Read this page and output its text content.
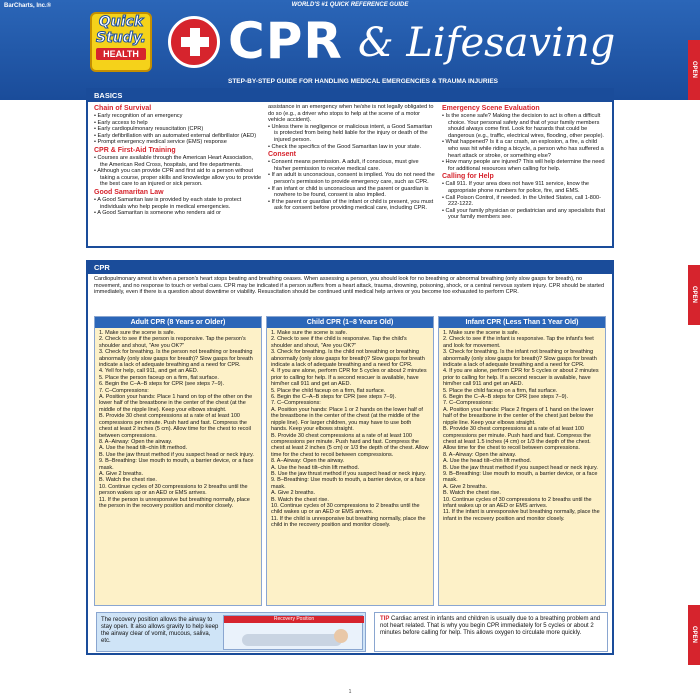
BarCharts, Inc.®	WORLD'S #1 QUICK REFERENCE GUIDE
Quick
Study.
HEALTH CPR & Lifesaving
STEP-BY-STEP GUIDE FOR HANDLING MEDICAL EMERGENCIES & TRAUMA INJURIES
OPEN
OPEN
OPEN
BASICS
Chain of Survival
• Early recognition of an emergency
• Early access to help
• Early cardiopulmonary resuscitation (CPR)
• Early defibrillation with an automated external defibrillator (AED)
• Prompt emergency medical service (EMS) response
CPR & First-Aid Training
• Courses are available through the American Heart Association, the American Red Cross, hospitals, and fire departments.
• Although you can provide CPR and first aid to a person without taking a course, proper skills and knowledge allow you to provide the best care to an injured or sick person.
Good Samaritan Law
• A Good Samaritan law is provided by each state to protect individuals who help people in medical emergencies.
• A Good Samaritan is someone who renders aid or

assistance in an emergency when he/she is not legally obligated to do so (e.g., a driver who stops to help at the scene of a motor vehicle accident).

• Unless there is negligence or malicious intent, a Good Samaritan is protected from being held liable for the injury or death of the injured person.
• Check the specifics of the Good Samaritan law in your state.
Consent
• Consent means permission. A adult, if conscious, must give his/her permission to receive medical care.
• If an adult is unconscious, consent is implied. You do not need the person's permission to provide emergency care, such as CPR.
• If an infant or child is unconscious and the parent or guardian is nowhere to be found, consent is also implied.
• If the parent or guardian of the infant or child is present, you must ask for consent before providing medical care, including CPR.
Emergency Scene Evaluation
• Is the scene safe? Making the decision to act is often a difficult choice. Your personal safety and that of your family members should always come first. Look for hazards that could be dangerous (e.g., traffic, electrical wires, flooding, other people).
• What happened? Is it a car crash, an explosion, a fire, a child who was hit while riding a bicycle, a person who has suffered a heart attack or stroke, or something else?
• How many people are injured? This will help determine the need for additional resources when calling for help.
Calling for Help
• Call 911. If your area does not have 911 service, know the appropriate phone numbers for police, fire, and EMS.
• Call Poison Control, if needed. In the United States, call 1-800-222-1222.
• Call your family physician or pediatrician and any specialists that your family members see.
CPR

Cardiopulmonary arrest is when a person's heart stops beating and breathing ceases. When assessing a person, you should look for no breathing or abnormal breathing (only slow gasps for breath), no movement, and no response to touch or verbal cues. CPR may be indicated if a person suffers from a heart attack, trauma, drowning, poisoning, shock, or a central nervous system injury. CPR should be started immediately, even if there is a question about downtime or viability. Resuscitation should be continued until medical help arrives or you become too exhausted to perform CPR.

Adult CPR (8 Years or Older)
1. Make sure the scene is safe.
2. Check to see if the person is responsive. Tap the person's shoulder and shout, "Are you OK?"
3. Check for breathing. Is the person not breathing or breathing abnormally (only slow gasps for breath)? Slow gasps for breath indicate a lack of adequate breathing and a need for CPR.
4. Yell for help, call 911, and get an AED.
5. Place the person faceup on a firm, flat surface.
6. Begin the C–A–B steps for CPR (see steps 7–9).
7. C–Compressions:
A. Position your hands: Place 1 hand on top of the other on the lower half of the breastbone in the center of the chest (at the middle of the nipple line). Keep your elbows straight.
B. Provide 30 chest compressions at a rate of at least 100 compressions per minute. Push hard and fast. Compress the chest at least 2 inches (5 cm). Allow time for the chest to recoil between compressions.
8. A–Airway: Open the airway.
A. Use the head tilt–chin lift method.
B. Use the jaw thrust method if you suspect head or neck injury.
9. B–Breathing: Use mouth to mouth, a barrier device, or a face mask.
A. Give 2 breaths.
B. Watch the chest rise.
10. Continue cycles of 30 compressions to 2 breaths until the person wakes up or an AED or EMS arrives.
11. If the person is unresponsive but breathing normally, place the person in the recovery position and monitor closely.
Child CPR (1–8 Years Old)
1. Make sure the scene is safe.
2. Check to see if the child is responsive. Tap the child's shoulder and shout, "Are you OK?"
3. Check for breathing. Is the child not breathing or breathing abnormally (only slow gasps for breath)? Slow gasps for breath indicate a lack of adequate breathing and a need for CPR.
4. If you are alone, perform CPR for 5 cycles or about 2 minutes prior to calling for help. If a second rescuer is available, have him/her call 911 and get an AED.
5. Place the child faceup on a firm, flat surface.
6. Begin the C–A–B steps for CPR (see steps 7–9).
7. C–Compressions:
A. Position your hands: Place 1 or 2 hands on the lower half of the breastbone in the center of the chest (at the middle of the nipple line). For larger children, you may have to use both hands. Keep your elbows straight.
B. Provide 30 chest compressions at a rate of at least 100 compressions per minute. Push hard and fast. Compress the chest at least 2 inches (5 cm) or 1/3 the depth of the chest. Allow time for the chest to recoil between compressions.
8. A–Airway: Open the airway.
A. Use the head tilt–chin lift method.
B. Use the jaw thrust method if you suspect head or neck injury.
9. B–Breathing: Use mouth to mouth, a barrier device, or a face mask.
A. Give 2 breaths.
B. Watch the chest rise.
10. Continue cycles of 30 compressions to 2 breaths until the child wakes up or an AED or EMS arrives.
11. If the child is unresponsive but breathing normally, place the child in the recovery position and monitor closely.
Infant CPR (Less Than 1 Year Old)
1. Make sure the scene is safe.
2. Check to see if the infant is responsive. Tap the infant's feet and look for movement.
3. Check for breathing. Is the infant not breathing or breathing abnormally (only slow gasps for breath)? Slow gasps for breath indicate a lack of adequate breathing and a need for CPR.
4. If you are alone, perform CPR for 5 cycles or about 2 minutes prior to calling for help. If a second rescuer is available, have him/her call 911 and get an AED.
5. Place the child faceup on a firm, flat surface.
6. Begin the C–A–B steps for CPR (see steps 7–9).
7. C–Compressions:
A. Position your hands: Place 2 fingers of 1 hand on the lower half of the breastbone in the center of the chest just below the nipple line. Keep your elbows straight.
B. Provide 30 chest compressions at a rate of at least 100 compressions per minute. Push hard and fast. Compress the chest at least 1.5 inches (4 cm) or 1/3 the depth of the chest. Allow time for the chest to recoil between compressions.
8. A–Airway: Open the airway.
A. Use the head tilt–chin lift method.
B. Use the jaw thrust method if you suspect head or neck injury.
9. B–Breathing: Use mouth to mouth, a barrier device, or a face mask.
A. Give 2 breaths.
B. Watch the chest rise.
10. Continue cycles of 30 compressions to 2 breaths until the infant wakes up or an AED or EMS arrives.
11. If the infant is unresponsive but breathing normally, place the infant in the recovery position and monitor closely.

The recovery position allows the airway to stay open. It also allows gravity to help keep the airway clear of vomit, mucous, saliva, etc.

Recovery Position	TIP Cardiac arrest in infants and children is usually due to a breathing problem and not heart related. That is why you begin CPR immediately for 5 cycles or about 2 minutes before calling for help. This allows oxygen to circulate more quickly.
1
